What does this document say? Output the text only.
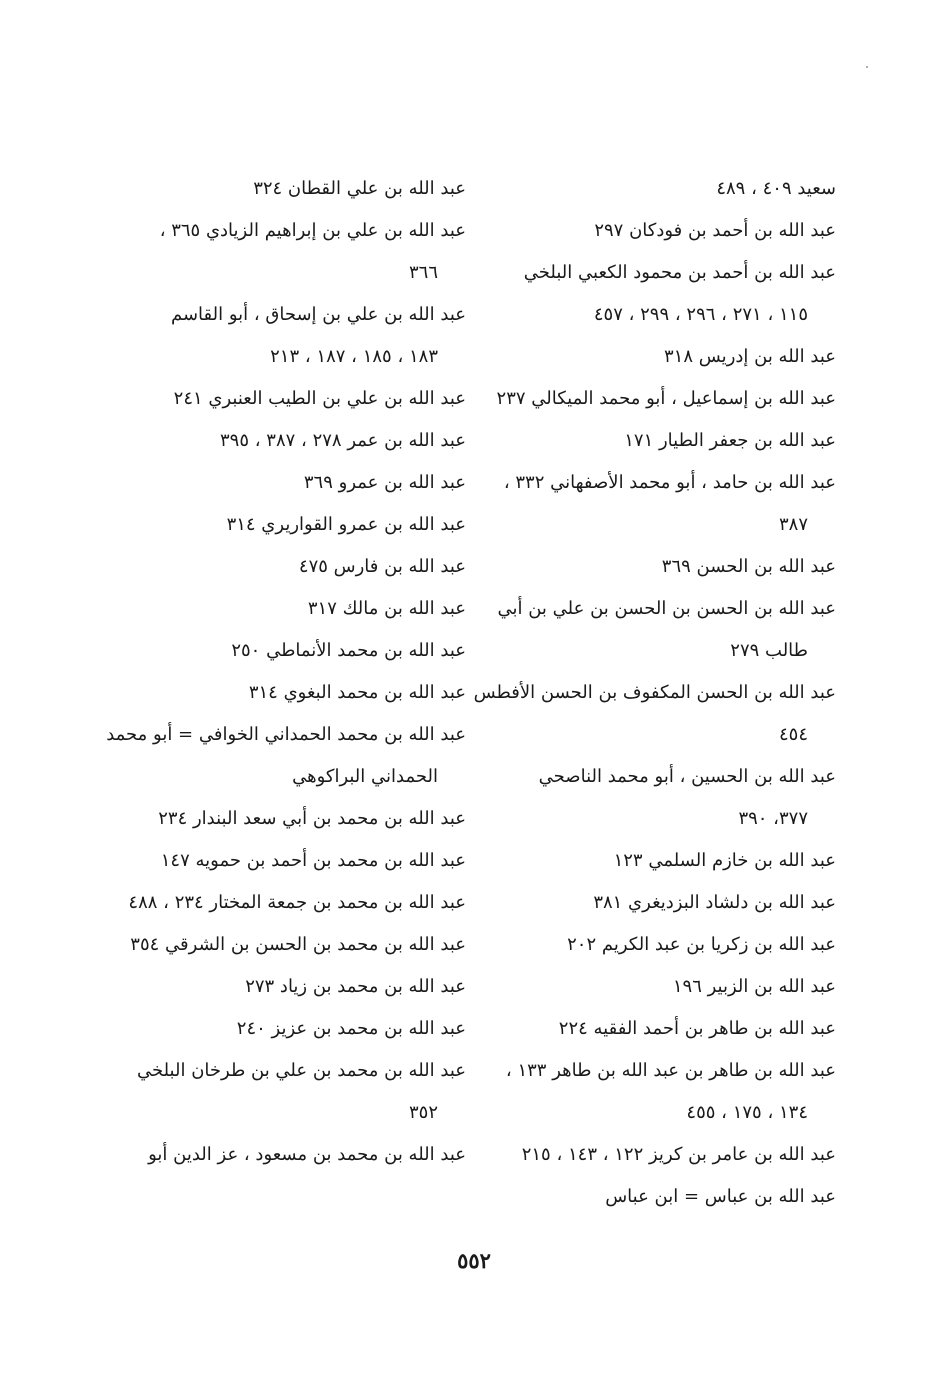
سعيد ٤٠٩ ، ٤٨٩
عبد الله بن أحمد بن فودكان ٢٩٧
عبد الله بن أحمد بن محمود الكعبي البلخي
١١٥ ، ٢٧١ ، ٢٩٦ ، ٢٩٩ ، ٤٥٧
عبد الله بن إدريس ٣١٨
عبد الله بن إسماعيل ، أبو محمد الميكالي ٢٣٧
عبد الله بن جعفر الطيار ١٧١
عبد الله بن حامد ، أبو محمد الأصفهاني ٣٣٢ ،
٣٨٧
عبد الله بن الحسن ٣٦٩
عبد الله بن الحسن بن الحسن بن علي بن أبي
طالب ٢٧٩
عبد الله بن الحسن المكفوف بن الحسن الأفطس
٤٥٤
عبد الله بن الحسين ، أبو محمد الناصحي
٣٧٧، ٣٩٠
عبد الله بن خازم السلمي ١٢٣
عبد الله بن دلشاد البزديغري ٣٨١
عبد الله بن زكريا بن عبد الكريم ٢٠٢
عبد الله بن الزبير ١٩٦
عبد الله بن طاهر بن أحمد الفقيه ٢٢٤
عبد الله بن طاهر بن عبد الله بن طاهر ١٣٣ ،
١٣٤ ، ١٧٥ ، ٤٥٥
عبد الله بن عامر بن كريز ١٢٢ ، ١٤٣ ، ٢١٥
عبد الله بن عباس = ابن عباس
عبد الله بن علي القطان ٣٢٤
عبد الله بن علي بن إبراهيم الزيادي ٣٦٥ ،
٣٦٦
عبد الله بن علي بن إسحاق ، أبو القاسم
١٨٣ ، ١٨٥ ، ١٨٧ ، ٢١٣
عبد الله بن علي بن الطيب العنبري ٢٤١
عبد الله بن عمر ٢٧٨ ، ٣٨٧ ، ٣٩٥
عبد الله بن عمرو ٣٦٩
عبد الله بن عمرو القواريري ٣١٤
عبد الله بن فارس ٤٧٥
عبد الله بن مالك ٣١٧
عبد الله بن محمد الأنماطي ٢٥٠
عبد الله بن محمد البغوي ٣١٤
عبد الله بن محمد الحمداني الخوافي = أبو محمد
الحمداني البراكوهي
عبد الله بن محمد بن أبي سعد البندار ٢٣٤
عبد الله بن محمد بن أحمد بن حمويه ١٤٧
عبد الله بن محمد بن جمعة المختار ٢٣٤ ، ٤٨٨
عبد الله بن محمد بن الحسن بن الشرقي ٣٥٤
عبد الله بن محمد بن زياد ٢٧٣
عبد الله بن محمد بن عزيز ٢٤٠
عبد الله بن محمد بن علي بن طرخان البلخي
٣٥٢
عبد الله بن محمد بن مسعود ، عز الدين أبو
٥٥٢
